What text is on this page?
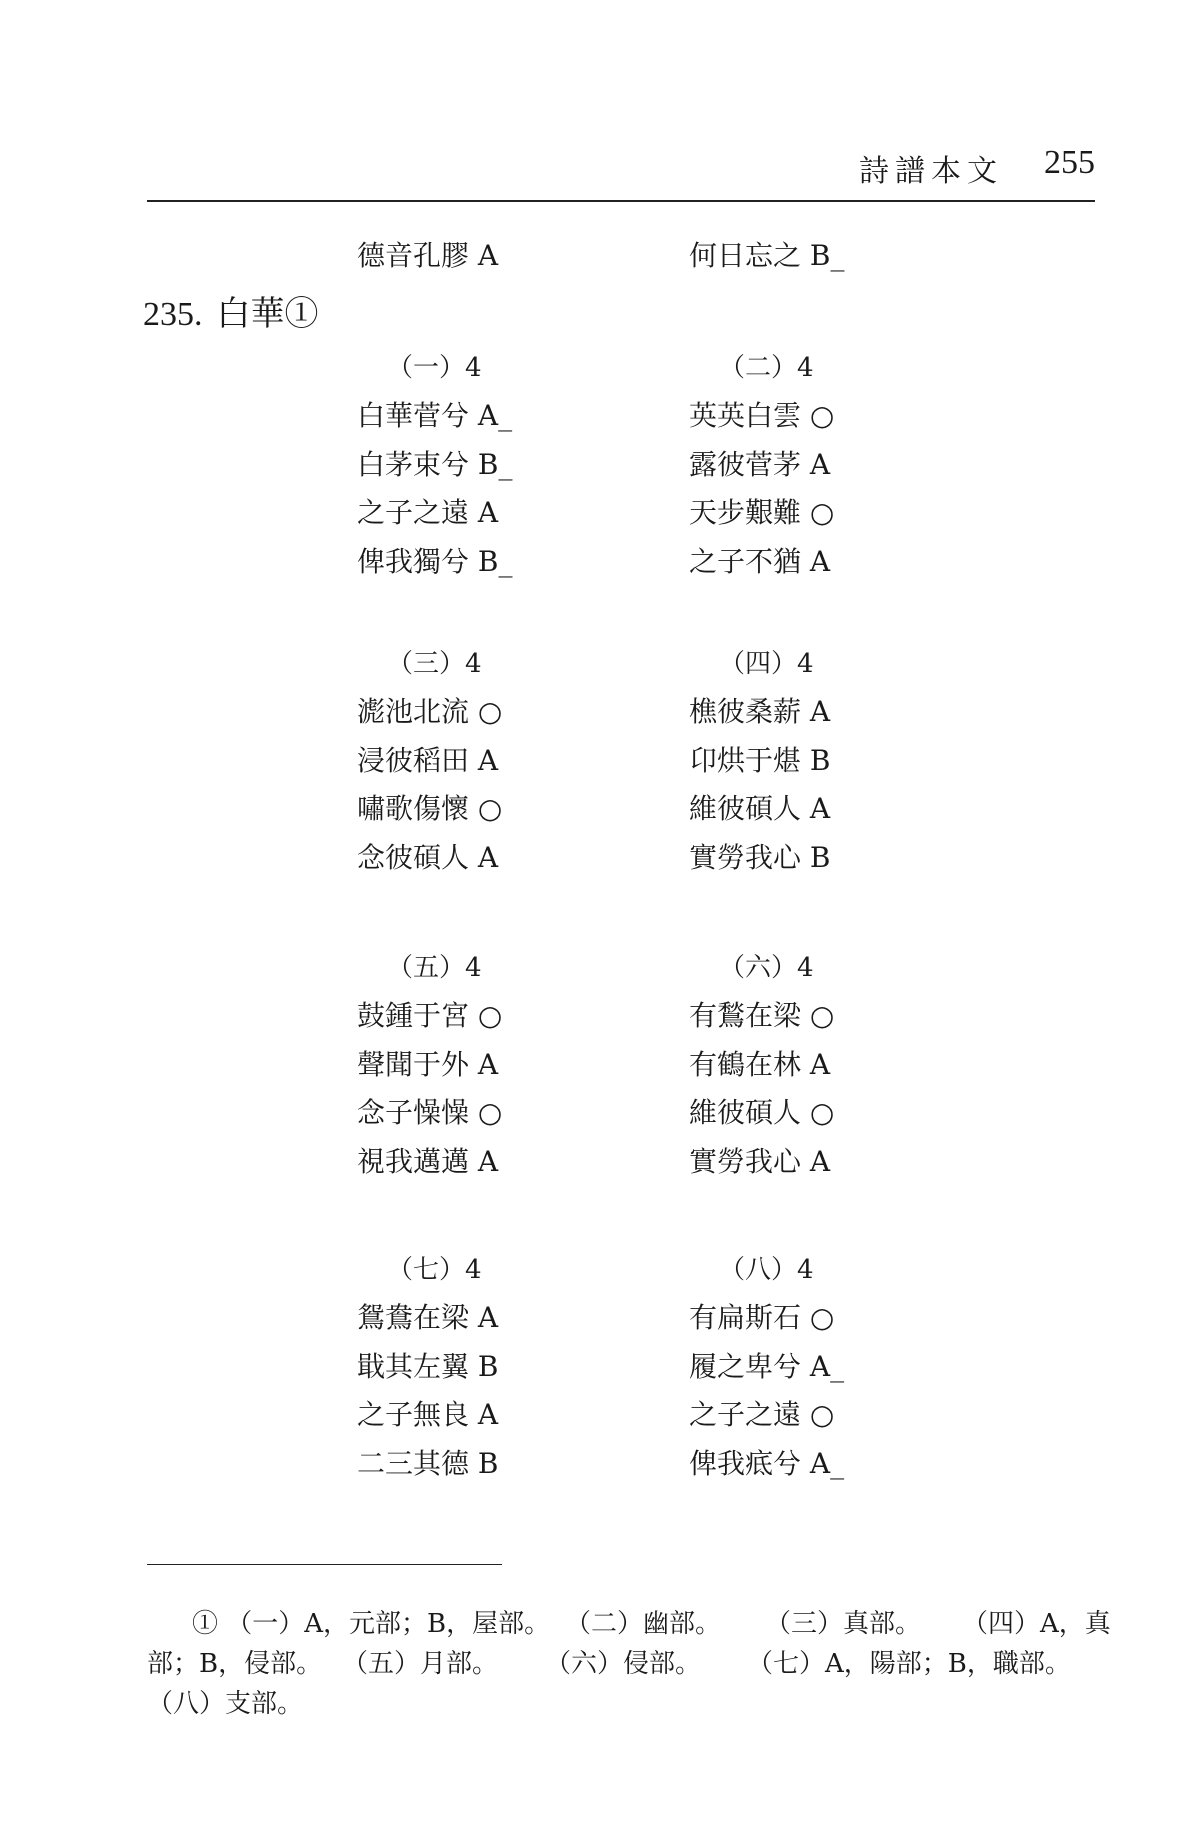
詩譜本文 255
德音孔膠 A	何日忘之 B_
235. 白華①
（一）4
白華菅兮 A_
白茅束兮 B_
之子之遠 A
俾我獨兮 B_
（二）4
英英白雲 ○
露彼菅茅 A
天步艱難 ○
之子不猶 A
（三）4
滮池北流 ○
浸彼稻田 A
嘯歌傷懷 ○
念彼碩人 A
（四）4
樵彼桑薪 A
卬烘于煁 B
維彼碩人 A
實勞我心 B
（五）4
鼓鍾于宮 ○
聲聞于外 A
念子懆懆 ○
視我邁邁 A
（六）4
有鶖在梁 ○
有鶴在林 A
維彼碩人 ○
實勞我心 A
（七）4
鴛鴦在梁 A
戢其左翼 B
之子無良 A
二三其德 B
（八）4
有扁斯石 ○
履之卑兮 A_
之子之遠 ○
俾我疷兮 A_
① （一）A，元部；B，屋部。 （二）幽部。 （三）真部。 （四）A，真
部；B，侵部。 （五）月部。 （六）侵部。 （七）A，陽部；B，職部。
（八）支部。
